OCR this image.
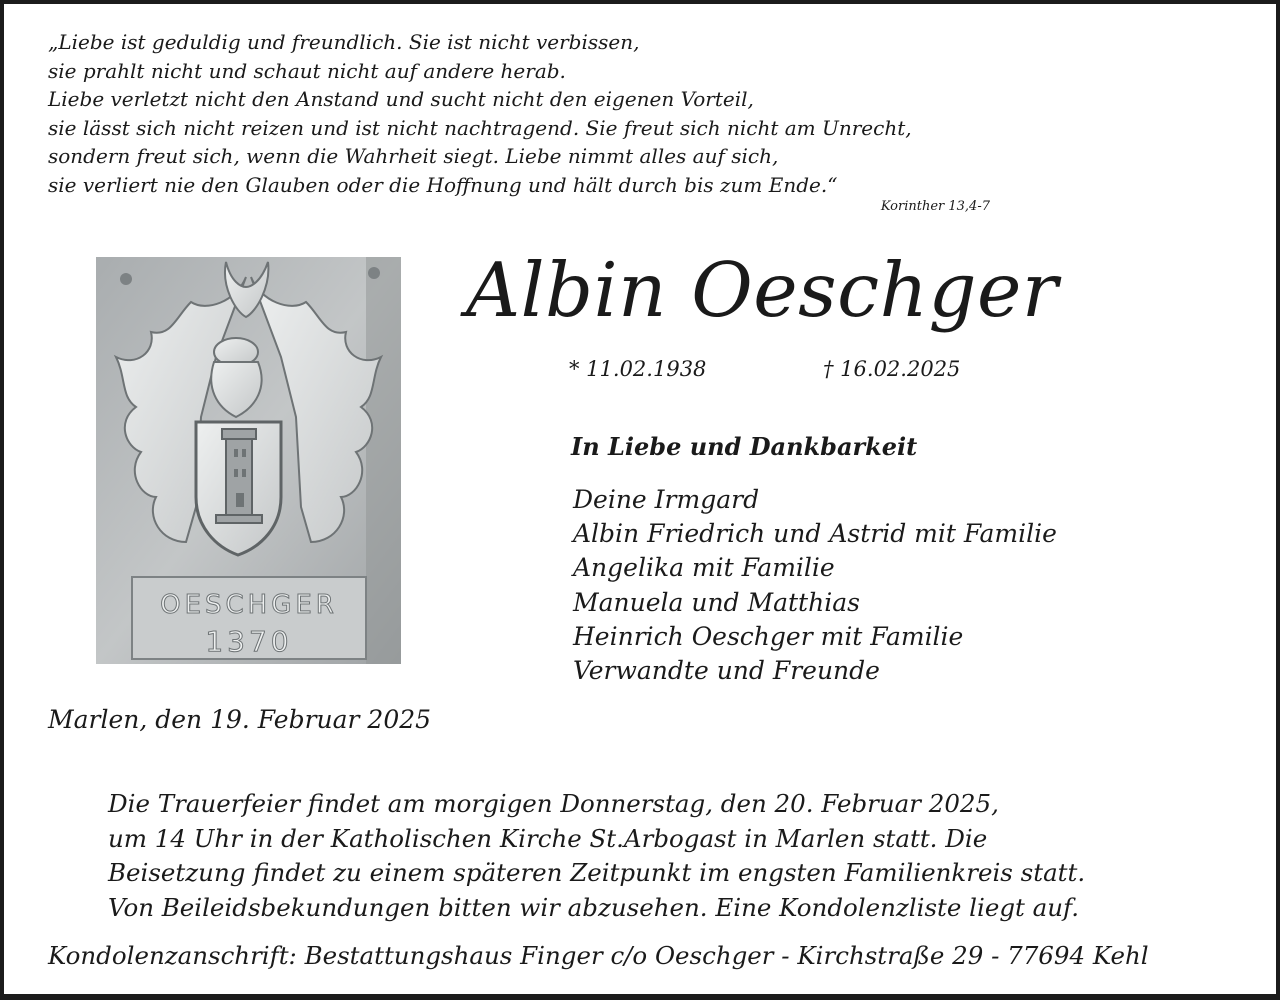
„Liebe ist geduldig und freundlich. Sie ist nicht verbissen,
sie prahlt nicht und schaut nicht auf andere herab.
Liebe verletzt nicht den Anstand und sucht nicht den eigenen Vorteil,
sie lässt sich nicht reizen und ist nicht nachtragend. Sie freut sich nicht am Unrecht,
sondern freut sich, wenn die Wahrheit siegt. Liebe nimmt alles auf sich,
sie verliert nie den Glauben oder die Hoffnung und hält durch bis zum Ende.“
Korinther 13,4-7
OESCHGER
1370
Albin Oeschger
* 11.02.1938	† 16.02.2025
In Liebe und Dankbarkeit
Deine Irmgard
Albin Friedrich und Astrid mit Familie
Angelika mit Familie
Manuela und Matthias
Heinrich Oeschger mit Familie
Verwandte und Freunde
Marlen, den 19. Februar 2025
Die Trauerfeier findet am morgigen Donnerstag, den 20. Februar 2025,
um 14 Uhr in der Katholischen Kirche St.Arbogast in Marlen statt. Die
Beisetzung findet zu einem späteren Zeitpunkt im engsten Familienkreis statt.
Von Beileidsbekundungen bitten wir abzusehen. Eine Kondolenzliste liegt auf.
Kondolenzanschrift: Bestattungshaus Finger c/o Oeschger - Kirchstraße 29 - 77694 Kehl
